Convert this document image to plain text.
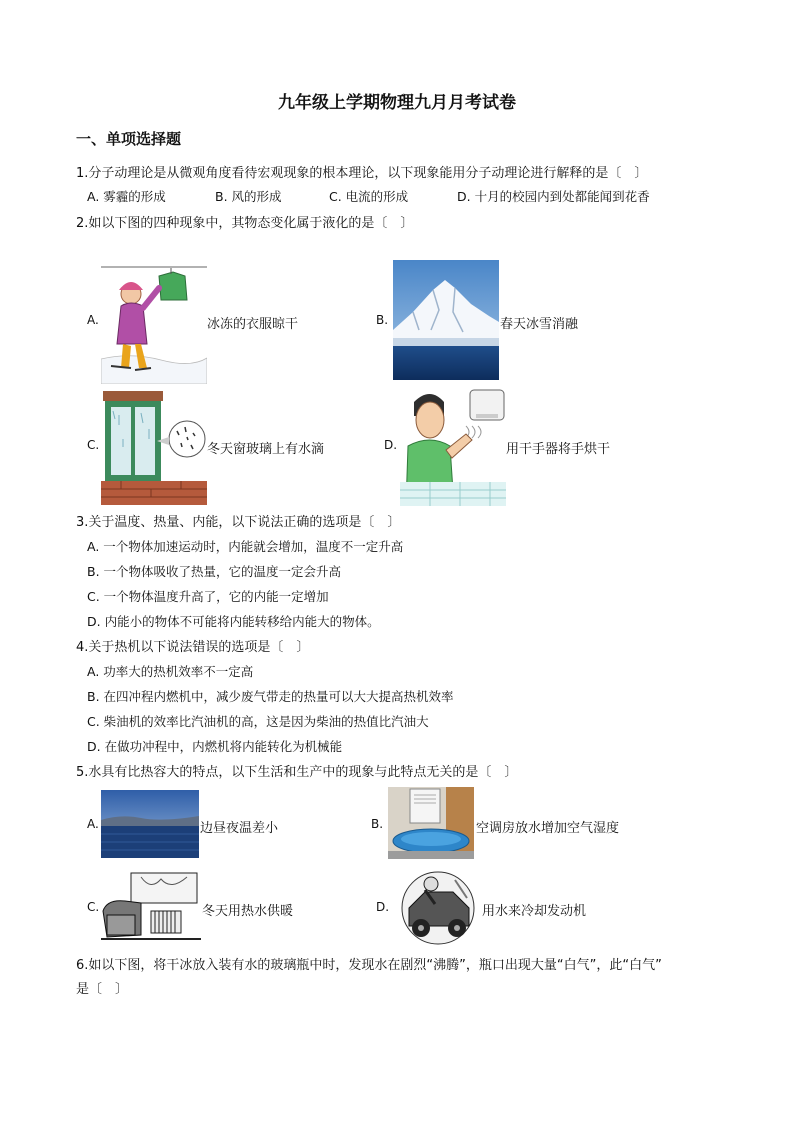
九年级上学期物理九月月考试卷
一、单项选择题
1.分子动理论是从微观角度看待宏观现象的根本理论，以下现象能用分子动理论进行解释的是〔　〕
A. 雾霾的形成	B. 风的形成	C. 电流的形成	D. 十月的校园内到处都能闻到花香
2.如以下图的四种现象中，其物态变化属于液化的是〔　〕
A.	冰冻的衣服晾干	B.	春天冰雪消融
C.	冬天窗玻璃上有水滴	D.	用干手器将手烘干
3.关于温度、热量、内能，以下说法正确的选项是〔　〕
A. 一个物体加速运动时，内能就会增加，温度不一定升高
B. 一个物体吸收了热量，它的温度一定会升高
C. 一个物体温度升高了，它的内能一定增加
D. 内能小的物体不可能将内能转移给内能大的物体。
4.关于热机以下说法错误的选项是〔　〕
A. 功率大的热机效率不一定高
B. 在四冲程内燃机中，减少废气带走的热量可以大大提高热机效率
C. 柴油机的效率比汽油机的高，这是因为柴油的热值比汽油大
D. 在做功冲程中，内燃机将内能转化为机械能
5.水具有比热容大的特点，以下生活和生产中的现象与此特点无关的是〔　〕
A.	边昼夜温差小	B.	空调房放水增加空气湿度
C.	冬天用热水供暖	D.	用水来冷却发动机
6.如以下图，将干冰放入装有水的玻璃瓶中时，发现水在剧烈“沸腾”，瓶口出现大量“白气”，此“白气”
是〔　〕
